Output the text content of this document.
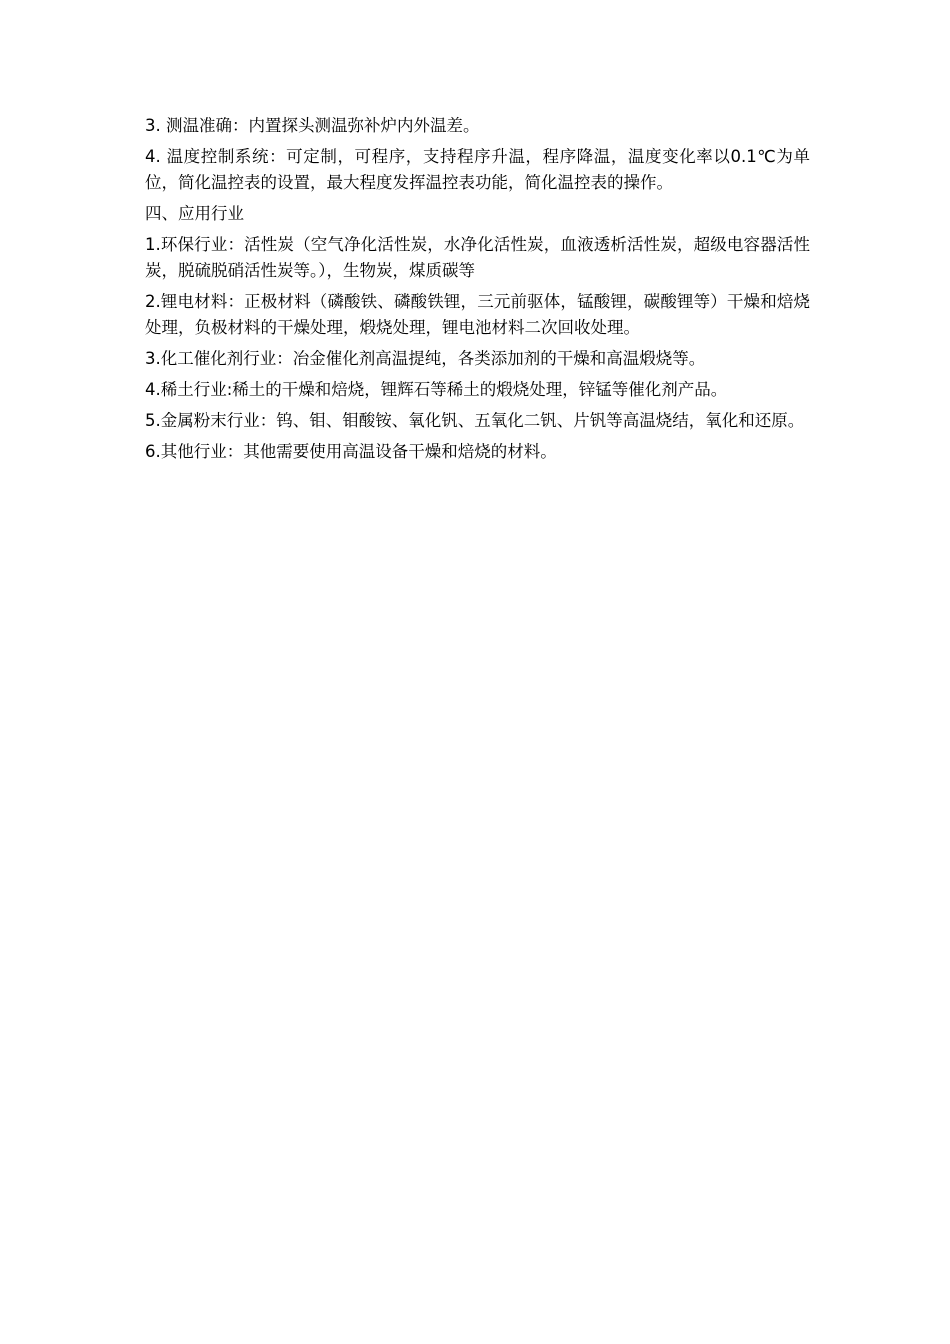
3. 测温准确：内置探头测温弥补炉内外温差。

4. 温度控制系统：可定制，可程序，支持程序升温，程序降温，温度变化率以0.1℃为单位，简化温控表的设置，最大程度发挥温控表功能，简化温控表的操作。

四、应用行业

1.环保行业：活性炭（空气净化活性炭，水净化活性炭，血液透析活性炭，超级电容器活性炭，脱硫脱硝活性炭等。），生物炭，煤质碳等

2.锂电材料：正极材料（磷酸铁、磷酸铁锂，三元前驱体，锰酸锂，碳酸锂等）干燥和焙烧处理，负极材料的干燥处理，煅烧处理，锂电池材料二次回收处理。

3.化工催化剂行业：冶金催化剂高温提纯，各类添加剂的干燥和高温煅烧等。

4.稀土行业:稀土的干燥和焙烧，锂辉石等稀土的煅烧处理，锌锰等催化剂产品。

5.金属粉末行业：钨、钼、钼酸铵、氧化钒、五氧化二钒、片钒等高温烧结，氧化和还原。

6.其他行业：其他需要使用高温设备干燥和焙烧的材料。
